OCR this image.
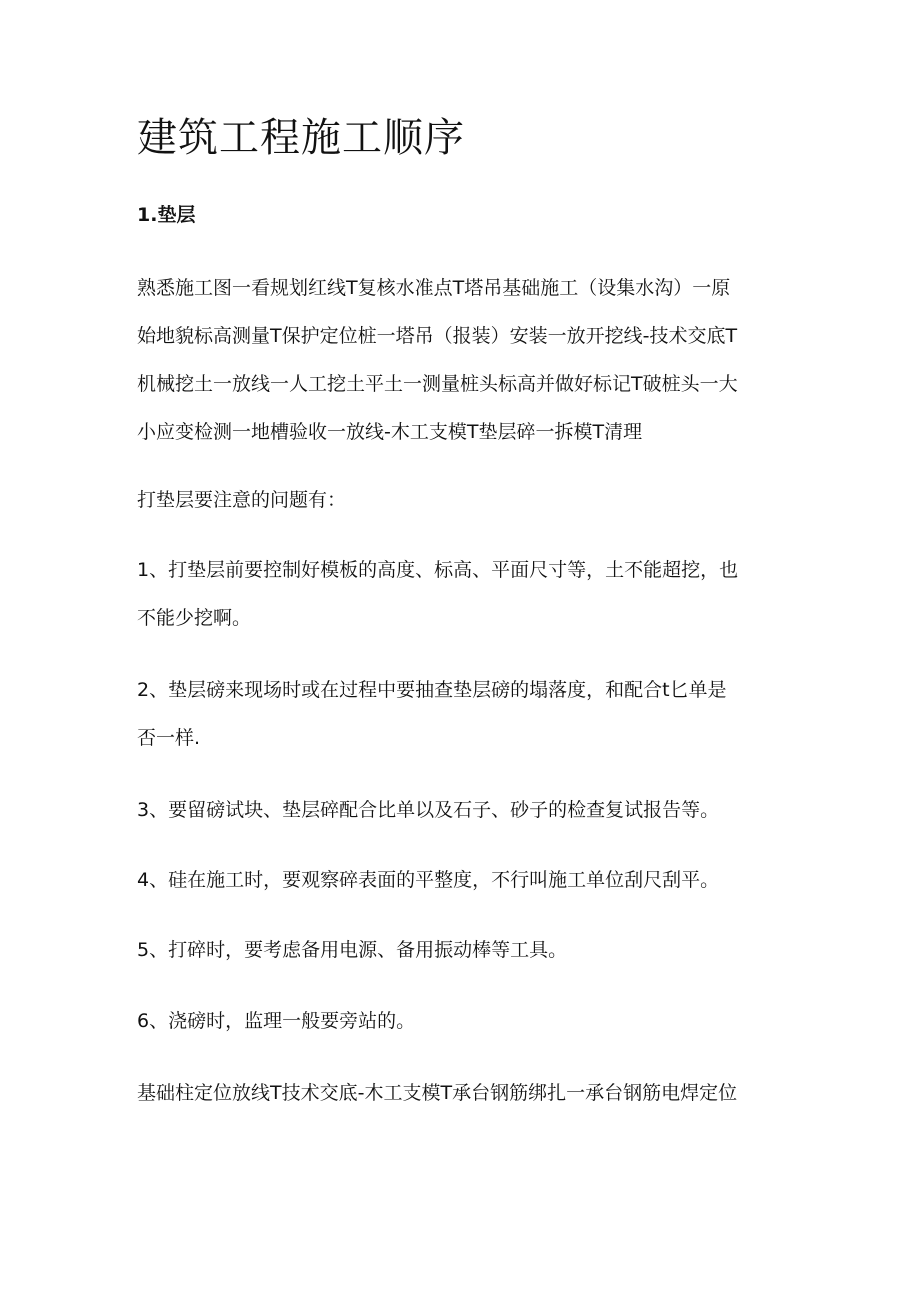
建筑工程施工顺序
1.垫层
熟悉施工图一看规划红线T复核水准点T塔吊基础施工（设集水沟）一原
始地貌标高测量T保护定位桩一塔吊（报装）安装一放开挖线-技术交底T
机械挖土一放线一人工挖土平土一测量桩头标高并做好标记T破桩头一大
小应变检测一地槽验收一放线-木工支模T垫层碎一拆模T清理

打垫层要注意的问题有：

1、打垫层前要控制好模板的高度、标高、平面尺寸等，土不能超挖，也
不能少挖啊。
2、垫层磅来现场时或在过程中要抽查垫层磅的塌落度，和配合t匕单是
否一样.

3、要留磅试块、垫层碎配合比单以及石子、砂子的检查复试报告等。

4、硅在施工时，要观察碎表面的平整度，不行叫施工单位刮尺刮平。

5、打碎时，要考虑备用电源、备用振动棒等工具。

6、浇磅时，监理一般要旁站的。

基础柱定位放线T技术交底-木工支模T承台钢筋绑扎一承台钢筋电焊定位
